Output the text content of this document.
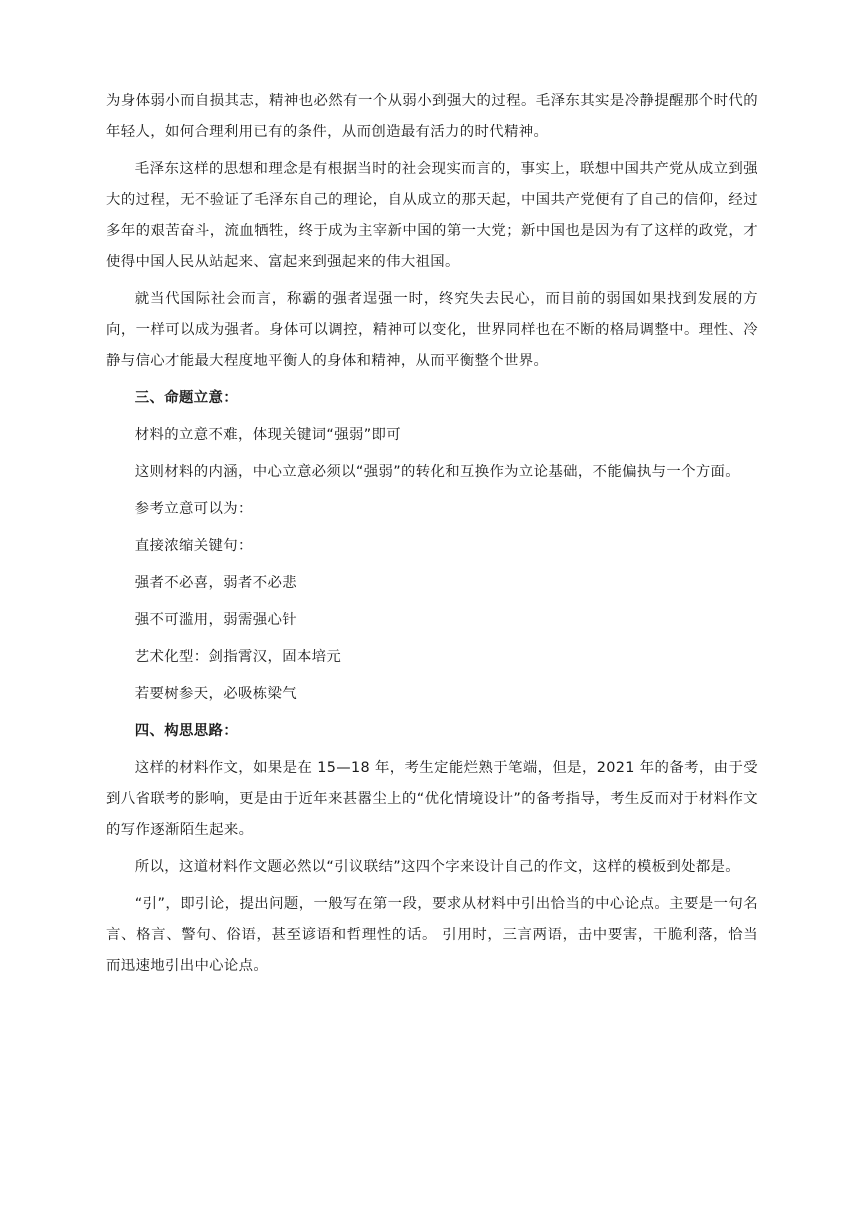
为身体弱小而自损其志，精神也必然有一个从弱小到强大的过程。毛泽东其实是冷静提醒那个时代的年轻人，如何合理利用已有的条件，从而创造最有活力的时代精神。

毛泽东这样的思想和理念是有根据当时的社会现实而言的，事实上，联想中国共产党从成立到强大的过程，无不验证了毛泽东自己的理论，自从成立的那天起，中国共产党便有了自己的信仰，经过多年的艰苦奋斗，流血牺牲，终于成为主宰新中国的第一大党；新中国也是因为有了这样的政党，才使得中国人民从站起来、富起来到强起来的伟大祖国。

就当代国际社会而言，称霸的强者逞强一时，终究失去民心，而目前的弱国如果找到发展的方向，一样可以成为强者。身体可以调控，精神可以变化，世界同样也在不断的格局调整中。理性、冷静与信心才能最大程度地平衡人的身体和精神，从而平衡整个世界。

三、命题立意：

材料的立意不难，体现关键词“强弱”即可

这则材料的内涵，中心立意必须以“强弱”的转化和互换作为立论基础，不能偏执与一个方面。

参考立意可以为：

直接浓缩关键句：

强者不必喜，弱者不必悲

强不可滥用，弱需强心针

艺术化型：剑指霄汉，固本培元

若要树参天，必吸栋梁气

四、构思思路：

这样的材料作文，如果是在 15—18 年，考生定能烂熟于笔端，但是，2021 年的备考，由于受到八省联考的影响，更是由于近年来甚嚣尘上的“优化情境设计”的备考指导，考生反而对于材料作文的写作逐渐陌生起来。

所以，这道材料作文题必然以“引议联结”这四个字来设计自己的作文，这样的模板到处都是。

“引”，即引论，提出问题，一般写在第一段，要求从材料中引出恰当的中心论点。主要是一句名言、格言、警句、俗语，甚至谚语和哲理性的话。 引用时，三言两语，击中要害，干脆利落，恰当而迅速地引出中心论点。
